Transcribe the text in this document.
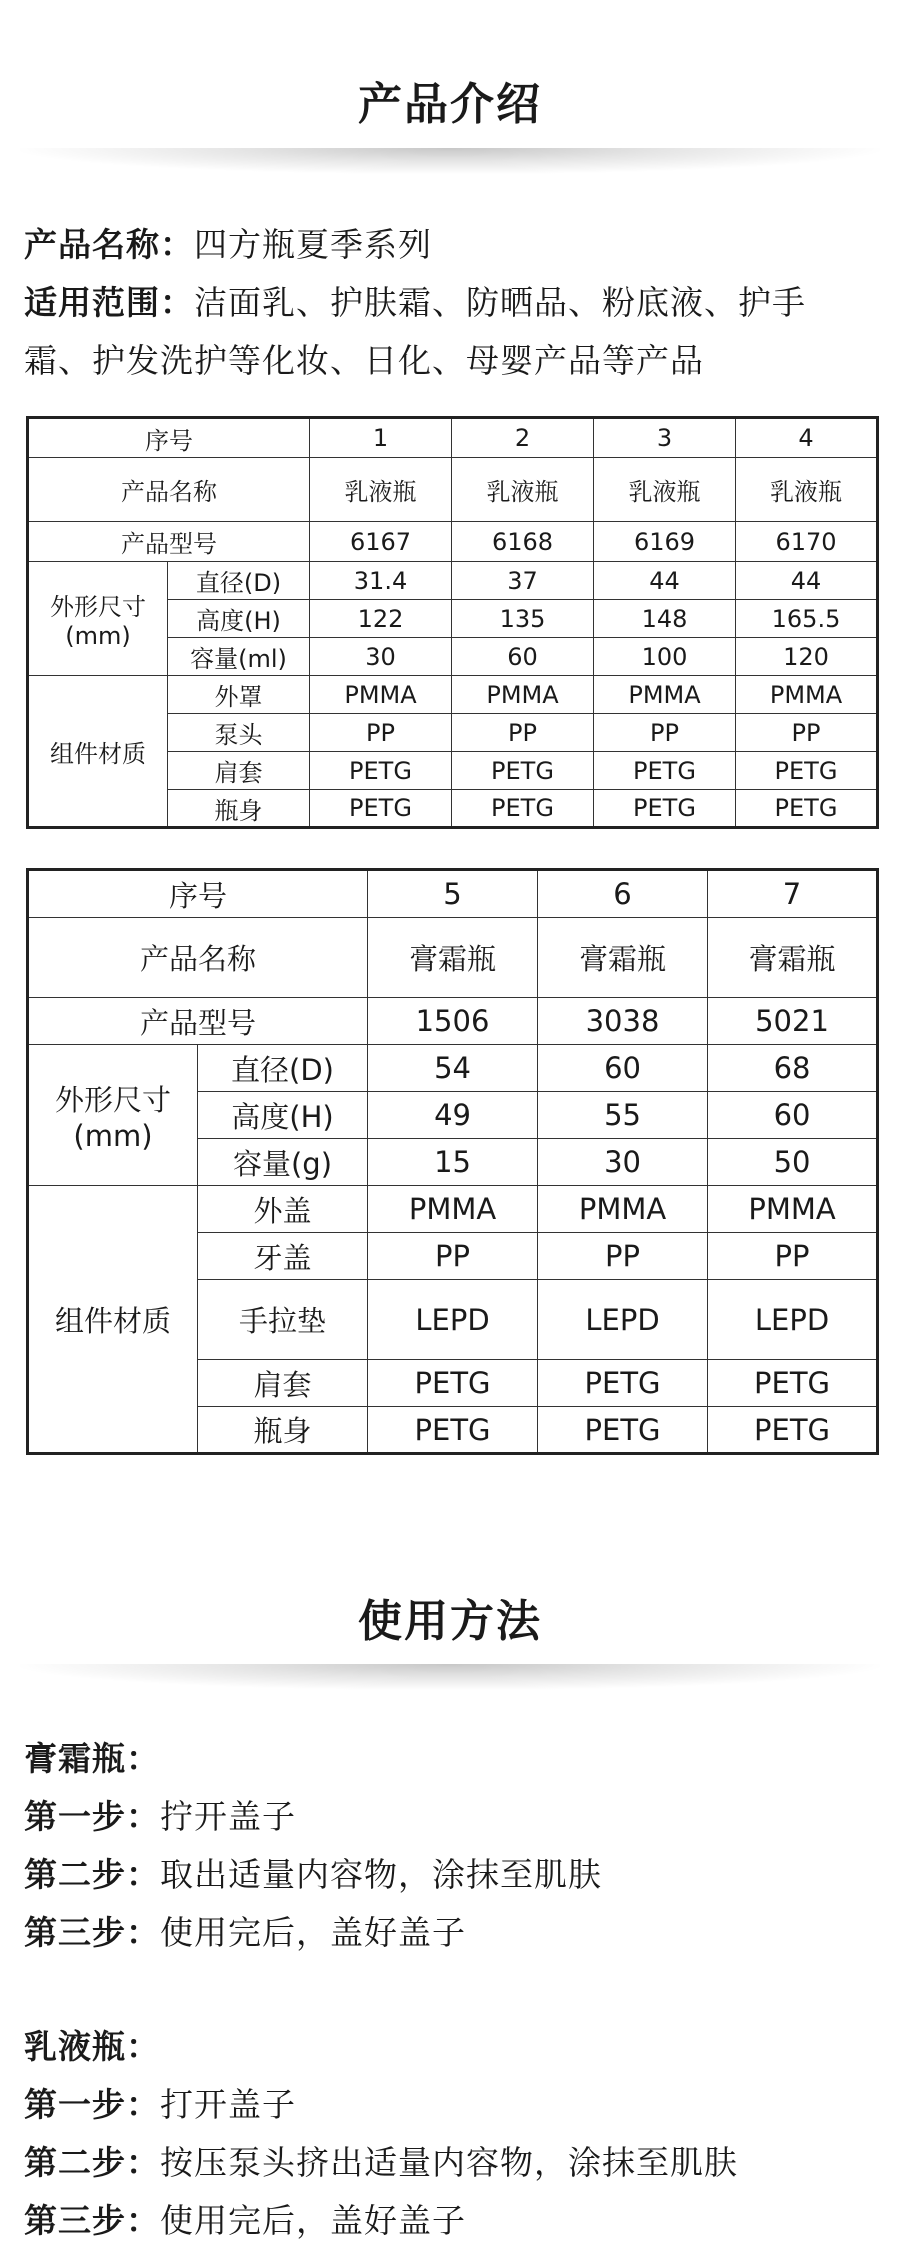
产品介绍
产品名称：四方瓶夏季系列
适用范围：洁面乳、护肤霜、防晒品、粉底液、护手
霜、护发洗护等化妆、日化、母婴产品等产品
序号		1	2	3	4
产品名称		乳液瓶	乳液瓶	乳液瓶	乳液瓶
产品型号		6167	6168	6169	6170

外形尺寸
(mm)	直径(D)	31.4	37	44	44
	高度(H)	122	135	148	165.5
	容量(ml)	30	60	100	120
组件材质	外罩	PMMA	PMMA	PMMA	PMMA
	泵头	PP	PP	PP	PP
	肩套	PETG	PETG	PETG	PETG
	瓶身	PETG	PETG	PETG	PETG
序号		5	6	7
产品名称		膏霜瓶	膏霜瓶	膏霜瓶
产品型号		1506	3038	5021

外形尺寸
(mm)	直径(D)	54	60	68
	高度(H)	49	55	60
	容量(g)	15	30	50
组件材质	外盖	PMMA	PMMA	PMMA
	牙盖	PP	PP	PP
	手拉垫	LEPD	LEPD	LEPD
	肩套	PETG	PETG	PETG
	瓶身	PETG	PETG	PETG
使用方法
膏霜瓶：
第一步：拧开盖子
第二步：取出适量内容物，涂抹至肌肤
第三步：使用完后，盖好盖子
乳液瓶：
第一步：打开盖子
第二步：按压泵头挤出适量内容物，涂抹至肌肤
第三步：使用完后，盖好盖子
